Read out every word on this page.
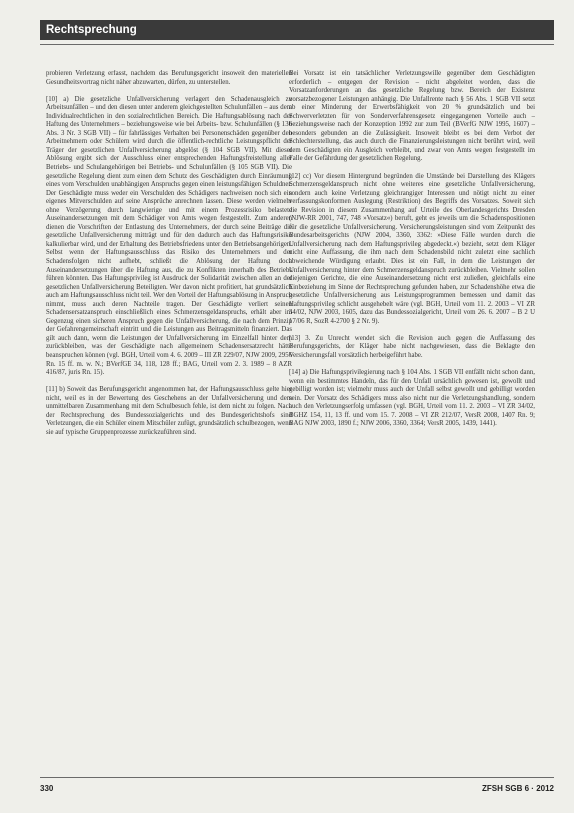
Rechtsprechung

probieren Verletzung erfasst, nachdem das Berufungsgericht insoweit den materiellen Gesundheitsvortrag nicht näher abzuwarten, dürfen, zu unterstellen.

[10] a) Die gesetzliche Unfallversicherung verlagert den Schadenausgleich zu Arbeitsunfällen – und den diesen unter anderem gleichgestellten Schulunfällen – aus dem Individualrechtlichen in den sozialrechtlichen Bereich. Die Haftungsablösung nach der Haftung des Unternehmers – beziehungsweise wie bei Arbeits- bzw. Schulunfällen (§ 136 Abs. 3 Nr. 3 SGB VII) – für fahrlässiges Verhalten bei Personenschäden gegenüber den Arbeitnehmern oder Schülern wird durch die öffentlich-rechtliche Leistungspflicht der Träger der gesetzlichen Unfallversicherung abgelöst (§ 104 SGB VII). Mit dieser Ablösung ergibt sich der Ausschluss einer entsprechenden Haftungsfreistellung aller Betriebs- und Schulangehörigen bei Betriebs- und Schulunfällen (§ 105 SGB VII). Die gesetzliche Regelung dient zum einen dem Schutz des Geschädigten durch Einräumung eines vom Verschulden unabhängigen Anspruchs gegen einen leistungsfähigen Schuldner. Der Geschädigte muss weder ein Verschulden des Schädigers nachweisen noch sich ein eigenes Mitverschulden auf seine Ansprüche anrechnen lassen. Diese werden vielmehr ohne Verzögerung durch langwierige und mit einem Prozessrisiko belastete Auseinandersetzungen mit dem Schädiger von Amts wegen festgestellt. Zum anderen dienen die Vorschriften der Entlastung des Unternehmers, der durch seine Beiträge die gesetzliche Unfallversicherung mitträgt und für den dadurch auch das Haftungsrisiko kalkulierbar wird, und der Erhaltung des Betriebsfriedens unter den Betriebsangehörigen. Selbst wenn der Haftungsausschluss das Risiko des Unternehmers und der Schadensfolgen nicht aufhebt, schließt die Ablösung der Haftung doch Auseinandersetzungen über die Haftung aus, die zu Konflikten innerhalb des Betriebs führen könnten. Das Haftungsprivileg ist Ausdruck der Solidarität zwischen allen an der gesetzlichen Unfallversicherung Beteiligten. Wer davon nicht profitiert, hat grundsätzlich auch am Haftungsausschluss nicht teil. Wer den Vorteil der Haftungsablösung in Anspruch nimmt, muss auch deren Nachteile tragen. Der Geschädigte verliert seinen Schadensersatzanspruch einschließlich eines Schmerzensgeldanspruchs, erhält aber im Gegenzug einen sicheren Anspruch gegen die Unfallversicherung, die nach dem Prinzip der Gefahrengemeinschaft eintritt und die Leistungen aus Beitragsmitteln finanziert. Das gilt auch dann, wenn die Leistungen der Unfallversicherung im Einzelfall hinter dem zurückbleiben, was der Geschädigte nach allgemeinem Schadensersatzrecht hätte beanspruchen können (vgl. BGH, Urteil vom 4. 6. 2009 – III ZR 229/07, NJW 2009, 2956 Rn. 15 ff. m. w. N.; BVerfGE 34, 118, 128 ff.; BAG, Urteil vom 2. 3. 1989 – 8 AZR 416/87, juris Rn. 15).

[11] b) Soweit das Berufungsgericht angenommen hat, der Haftungsausschluss gelte hier nicht, weil es in der Bewertung des Geschehens an der Unfallversicherung und dem unmittelbaren Zusammenhang mit dem Schulbesuch fehle, ist dem nicht zu folgen. Nach der Rechtsprechung des Bundessozialgerichts und des Bundesgerichtshofs sind Verletzungen, die ein Schüler einem Mitschüler zufügt, grundsätzlich schulbezogen, wenn sie auf typische Gruppenprozesse zurückzuführen sind.

Bei Vorsatz ist ein tatsächlicher Verletzungswille gegenüber dem Geschädigten erforderlich – entgegen der Revision – nicht abgeleitet worden, dass die Vorsatzanforderungen an das gesetzliche Regelung bzw. Bereich der Existenz vorsatzbezogener Leistungen anhängig. Die Unfallrente nach § 56 Abs. 1 SGB VII setzt ab einer Minderung der Erwerbsfähigkeit von 20 % grundsätzlich und bei Schwerverletzten für von Sonderverfahrensgesetz eingegangenen Vorteile auch – beziehungsweise nach der Konzeption 1992 zur zum Teil (BVerfG NJW 1995, 1607) – besonders gebunden an die Zulässigkeit. Insoweit bleibt es bei dem Verbot der Schlechterstellung, das auch durch die Finanzierungsleistungen nicht berührt wird, weil dem Geschädigten ein Ausgleich verbleibt, und zwar von Amts wegen festgestellt im Falle der Gefährdung der gesetzlichen Regelung.

[12] cc) Vor diesem Hintergrund begründen die Umstände bei Darstellung des Klägers Schmerzensgeldanspruch nicht ohne weiteres eine gesetzliche Unfallversicherung, sondern auch keine Verletzung gleichrangiger Interessen und nötigt nicht zu einer verfassungskonformen Auslegung (Restriktion) des Begriffs des Vorsatzes. Soweit sich die Revision in diesem Zusammenhang auf Urteile des Oberlandesgerichts Dresden (NJW-RR 2001, 747, 748 »Vorsatz«) beruft, geht es jeweils um die Schadenspositionen für die gesetzliche Unfallversicherung. Versicherungsleistungen sind vom Zeitpunkt des Bundesarbeitsgerichts (NJW 2004, 3360, 3362: »Diese Fälle wurden durch die Unfallversicherung nach dem Haftungsprivileg abgedeckt.«) bezieht, setzt dem Kläger nicht eine Auffassung, die ihm nach dem Schadensbild nicht zuletzt eine sachlich abweichende Würdigung erlaubt. Dies ist ein Fall, in dem die Leistungen der Unfallversicherung hinter dem Schmerzensgeldanspruch zurückbleiben. Vielmehr sollen diejenigen Gerichte, die eine Auseinandersetzung nicht erst zuließen, gleichfalls eine Einbeziehung im Sinne der Rechtsprechung gefunden haben, zur Schadenshöhe etwa die gesetzliche Unfallversicherung aus Leistungsprogrammen bemessen und damit das Haftungsprivileg schlicht ausgehebelt wäre (vgl. BGH, Urteil vom 11. 2. 2003 – VI ZR 34/02, NJW 2003, 1605, dazu das Bundessozialgericht, Urteil vom 26. 6. 2007 – B 2 U 17/06 R, SozR 4-2700 § 2 Nr. 9).

[13] 3. Zu Unrecht wendet sich die Revision auch gegen die Auffassung des Berufungsgerichts, der Kläger habe nicht nachgewiesen, dass die Beklagte den Versicherungsfall vorsätzlich herbeigeführt habe.

[14] a) Die Haftungsprivilegierung nach § 104 Abs. 1 SGB VII entfällt nicht schon dann, wenn ein bestimmtes Handeln, das für den Unfall ursächlich gewesen ist, gewollt und gebilligt worden ist; vielmehr muss auch der Unfall selbst gewollt und gebilligt worden sein. Der Vorsatz des Schädigers muss also nicht nur die Verletzungshandlung, sondern auch den Verletzungserfolg umfassen (vgl. BGH, Urteil vom 11. 2. 2003 – VI ZR 34/02, BGHZ 154, 11, 13 ff. und vom 15. 7. 2008 – VI ZR 212/07, VersR 2008, 1407 Rn. 9; BAG NJW 2003, 1890 f.; NJW 2006, 3360, 3364; VersR 2005, 1439, 1441).

330	ZFSH SGB 6 · 2012
